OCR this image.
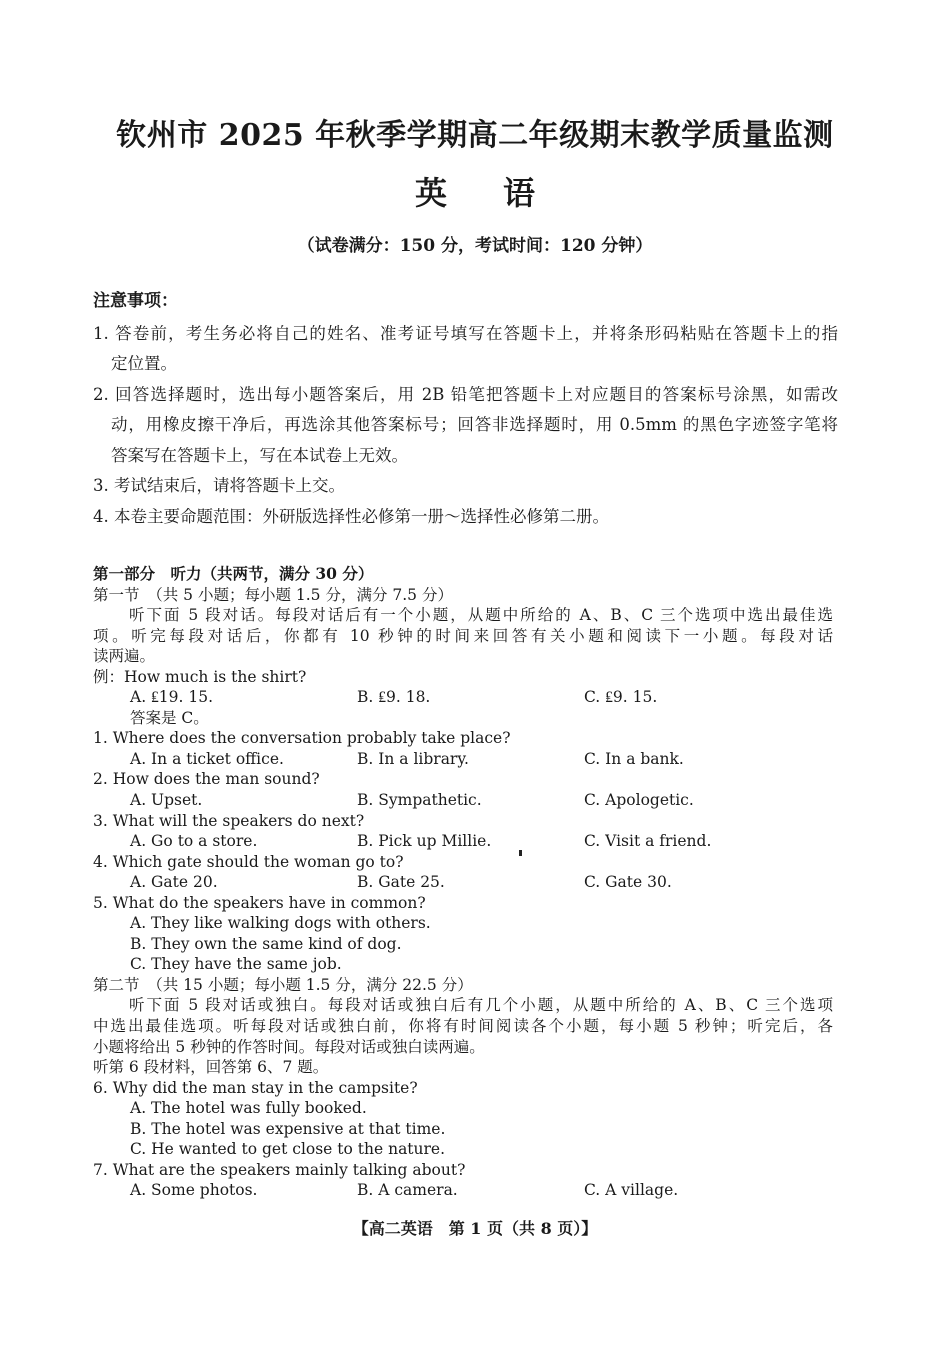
钦州市 2025 年秋季学期高二年级期末教学质量监测
英 语
（试卷满分：150 分，考试时间：120 分钟）
注意事项：
1. 答卷前，考生务必将自己的姓名、准考证号填写在答题卡上，并将条形码粘贴在答题卡上的指
定位置。
2. 回答选择题时，选出每小题答案后，用 2B 铅笔把答题卡上对应题目的答案标号涂黑，如需改
动，用橡皮擦干净后，再选涂其他答案标号；回答非选择题时，用 0.5mm 的黑色字迹签字笔将
答案写在答题卡上，写在本试卷上无效。
3. 考试结束后，请将答题卡上交。
4. 本卷主要命题范围：外研版选择性必修第一册～选择性必修第二册。
第一部分　听力（共两节，满分 30 分）
第一节　（共 5 小题；每小题 1.5 分，满分 7.5 分）
听下面 5 段对话。每段对话后有一个小题，从题中所给的 A、B、C 三个选项中选出最佳选
项。听完每段对话后，你都有 10 秒钟的时间来回答有关小题和阅读下一小题。每段对话
读两遍。
例：How much is the shirt?
A. ₤19. 15.	B. ₤9. 18.	C. ₤9. 15.
答案是 C。
1. Where does the conversation probably take place?
A. In a ticket office.	B. In a library.	C. In a bank.
2. How does the man sound?
A. Upset.	B. Sympathetic.	C. Apologetic.
3. What will the speakers do next?
A. Go to a store.	B. Pick up Millie.	C. Visit a friend.
4. Which gate should the woman go to?
A. Gate 20.	B. Gate 25.	C. Gate 30.
5. What do the speakers have in common?
A. They like walking dogs with others.
B. They own the same kind of dog.
C. They have the same job.
第二节　（共 15 小题；每小题 1.5 分，满分 22.5 分）
听下面 5 段对话或独白。每段对话或独白后有几个小题，从题中所给的 A、B、C 三个选项
中选出最佳选项。听每段对话或独白前，你将有时间阅读各个小题，每小题 5 秒钟；听完后，各
小题将给出 5 秒钟的作答时间。每段对话或独白读两遍。
听第 6 段材料，回答第 6、7 题。
6. Why did the man stay in the campsite?
A. The hotel was fully booked.
B. The hotel was expensive at that time.
C. He wanted to get close to the nature.
7. What are the speakers mainly talking about?
A. Some photos.	B. A camera.	C. A village.
【高二英语　第 1 页（共 8 页）】
